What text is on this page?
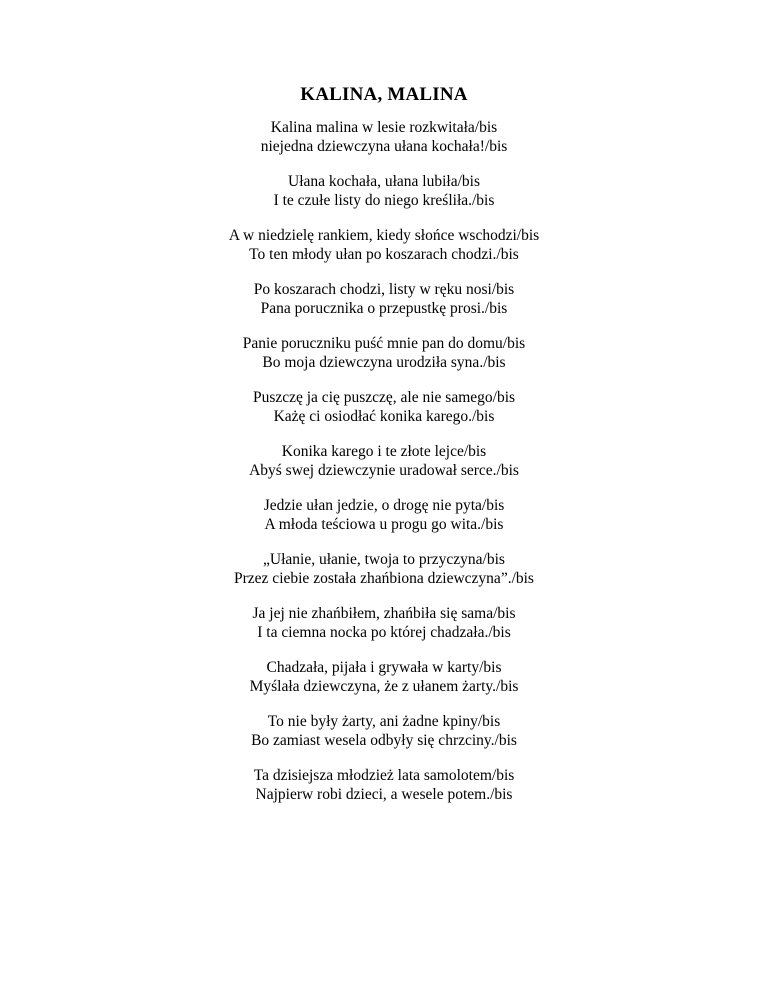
KALINA, MALINA
Kalina malina w lesie rozkwitała/bis
niejedna dziewczyna ułana kochała!/bis
Ułana kochała, ułana lubiła/bis
I te czułe listy do niego kreśliła./bis
A w niedzielę rankiem, kiedy słońce wschodzi/bis
To ten młody ułan po koszarach chodzi./bis
Po koszarach chodzi, listy w ręku nosi/bis
Pana porucznika o przepustkę prosi./bis
Panie poruczniku puść mnie pan do domu/bis
Bo moja dziewczyna urodziła syna./bis
Puszczę ja cię puszczę, ale nie samego/bis
Każę ci osiodłać konika karego./bis
Konika karego i te złote lejce/bis
Abyś swej dziewczynie uradował serce./bis
Jedzie ułan jedzie, o drogę nie pyta/bis
A młoda teściowa u progu go wita./bis
„Ułanie, ułanie, twoja to przyczyna/bis
Przez ciebie została zhańbiona dziewczyna”./bis
Ja jej nie zhańbiłem, zhańbiła się sama/bis
I ta ciemna nocka po której chadzała./bis
Chadzała, pijała i grywała w karty/bis
Myślała dziewczyna, że z ułanem żarty./bis
To nie były żarty, ani żadne kpiny/bis
Bo zamiast wesela odbyły się chrzciny./bis
Ta dzisiejsza młodzież lata samolotem/bis
Najpierw robi dzieci, a wesele potem./bis
